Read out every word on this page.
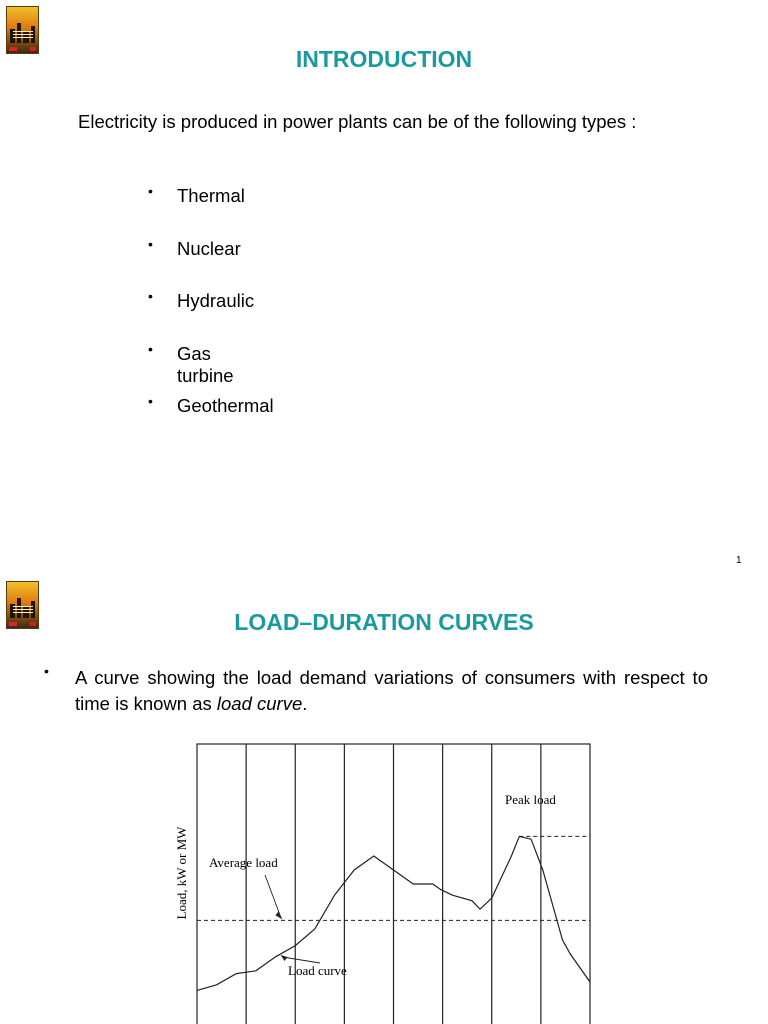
INTRODUCTION
Electricity is produced in power plants can be of the following types :
• Thermal
• Nuclear
• Hydraulic
• Gas turbine
• Geothermal
1
LOAD–DURATION CURVES
• A curve showing the load demand variations of consumers with respect to time is known as load curve.
Load, kW or MW
Peak load
Average load
Load curve
